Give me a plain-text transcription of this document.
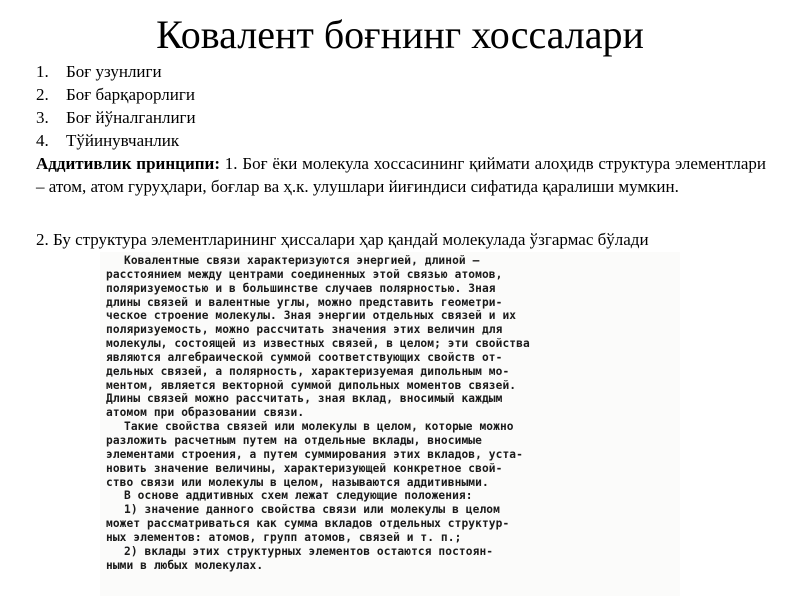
Ковалент боғнинг хоссалари
1.	Боғ узунлиги
2.	Боғ барқарорлиги
3.	Боғ йўналганлиги
4.	Тўйинувчанлик

Аддитивлик принципи: 1. Боғ ёки молекула хоссасининг қиймати алоҳидв структура элементлари – атом, атом гуруҳлари, боғлар ва ҳ.к. улушлари йиғиндиси сифатида қаралиши мумкин.

2. Бу структура элементларининг ҳиссалари ҳар қандай молекулада ўзгармас бўлади

Ковалентные связи характеризуются энергией, длиной —
расстоянием между центрами соединенных этой связью атомов,
поляризуемостью и в большинстве случаев полярностью. Зная
длины связей и валентные углы, можно представить геометри-
ческое строение молекулы. Зная энергии отдельных связей и их
поляризуемость, можно рассчитать значения этих величин для
молекулы, состоящей из известных связей, в целом; эти свойства
являются алгебраической суммой соответствующих свойств от-
дельных связей, а полярность, характеризуемая дипольным мо-
ментом, является векторной суммой дипольных моментов связей.
Длины связей можно рассчитать, зная вклад, вносимый каждым
атомом при образовании связи.
Такие свойства связей или молекулы в целом, которые можно
разложить расчетным путем на отдельные вклады, вносимые
элементами строения, а путем суммирования этих вкладов, уста-
новить значение величины, характеризующей конкретное свой-
ство связи или молекулы в целом, называются аддитивными.
В основе аддитивных схем лежат следующие положения:
1) значение данного свойства связи или молекулы в целом
может рассматриваться как сумма вкладов отдельных структур-
ных элементов: атомов, групп атомов, связей и т. п.;
2) вклады этих структурных элементов остаются постоян-
ными в любых молекулах.
